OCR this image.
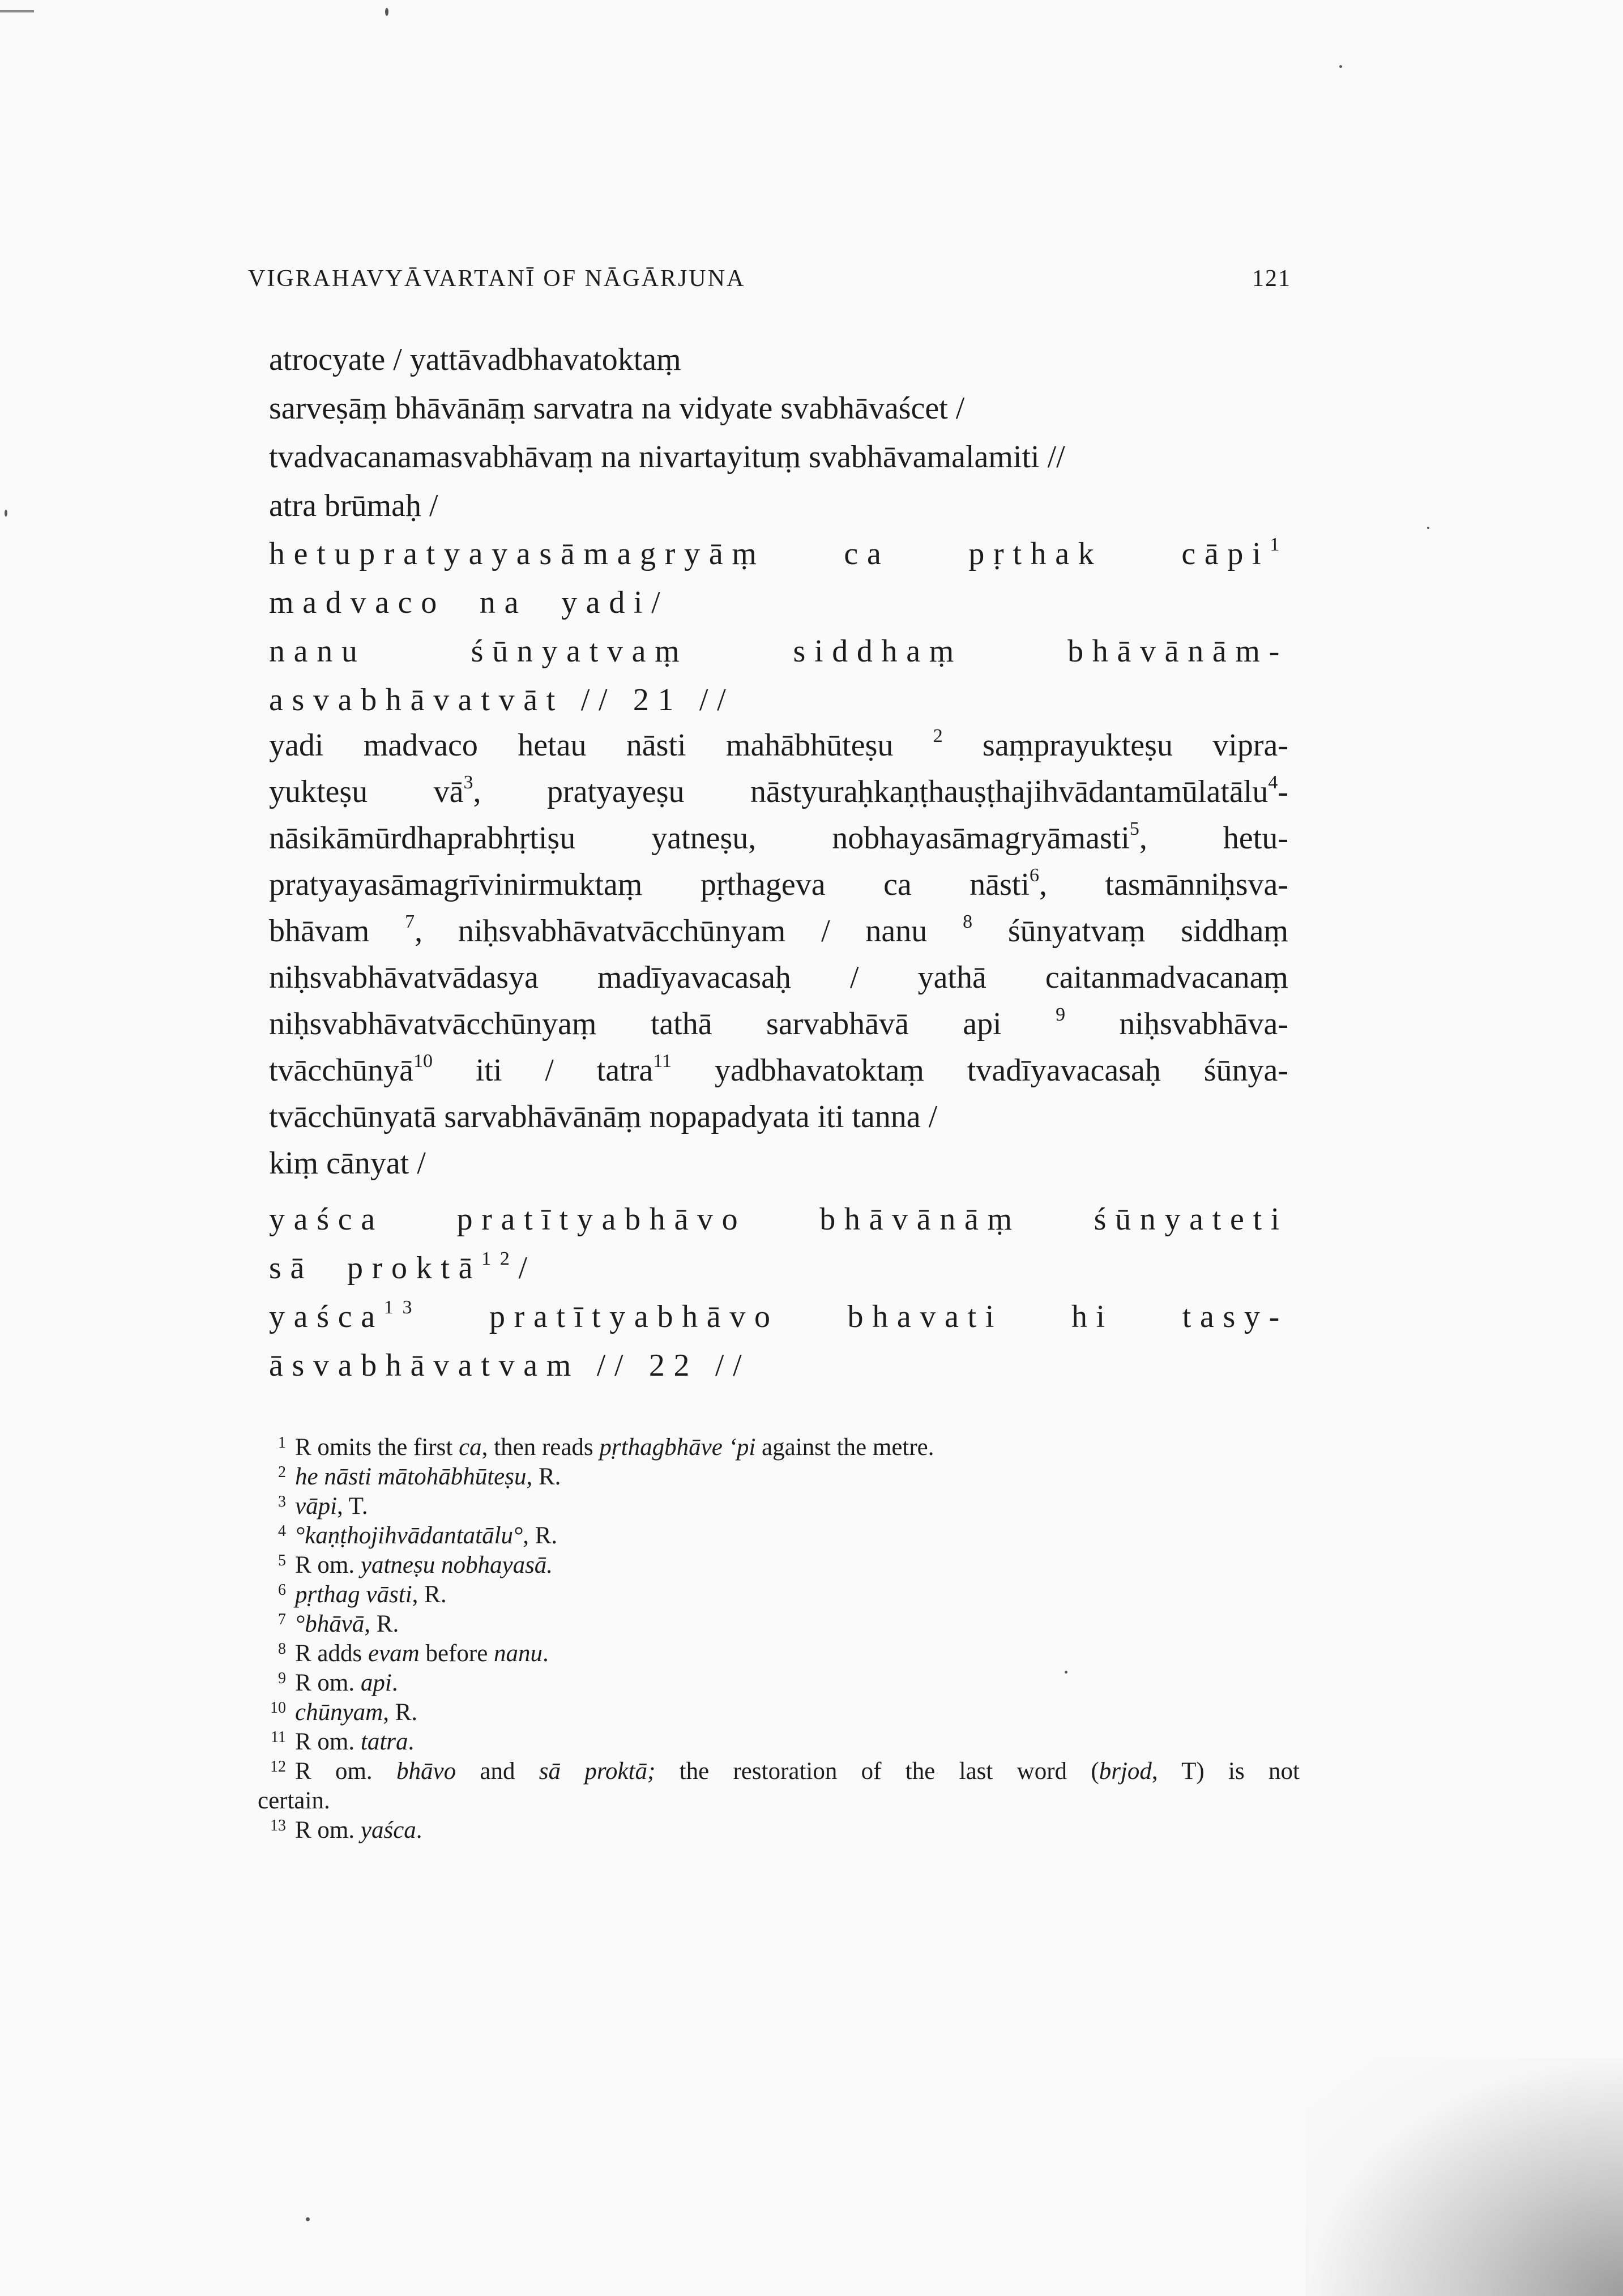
VIGRAHAVYĀVARTANĪ OF NĀGĀRJUNA	121
atrocyate / yattāvadbhavatoktaṃ
sarveṣāṃ bhāvānāṃ sarvatra na vidyate svabhāvaścet /
tvadvacanamasvabhāvaṃ na nivartayituṃ svabhāvamalamiti //
atra brūmaḥ /
hetupratyayasāmagryāṃ ca pṛthak cāpi$^1$
madvaco na yadi/
nanu	śūnyatvaṃ	siddhaṃ	bhāvānām-
asvabhāvatvāt // 21 //
yadi madvaco hetau nāsti mahābhūteṣu $^2$ saṃprayukteṣu vipra-
yukteṣu $vā^3$, pratyayeṣu nāstyuraḥkaṇṭhauṣṭhajihvādantamūlatālu$^4$-
nāsikāmūrdhaprabhṛtiṣu yatneṣu, nobhayasāmagryāmasti$^5$, hetu-
pratyayasāmagrīvinirmuktaṃ pṛthageva ca nāsti$^6$, tasmānniḥsva-
bhāvam $^7$, niḥsvabhāvatvācchūnyam / nanu $^8$ śūnyatvaṃ siddhaṃ
niḥsvabhāvatvādasya madīyavacasaḥ / yathā caitanmadvacanaṃ
niḥsvabhāvatvācchūnyaṃ tathā sarvabhāvā api	$^9$ niḥsvabhāva-
tvācchūnyā$^{10}$ iti / tatra$^{11}$ yadbhavatoktaṃ tvadīyavacasaḥ śūnya-
tvācchūnyatā sarvabhāvānāṃ nopapadyata iti tanna /
kiṃ cānyat /
yaśca pratītyabhāvo bhāvānāṃ śūnyateti
sā proktā$^{12}$/
yaśca$^{13}$ pratītyabhāvo bhavati hi tasy-
āsvabhāvatvam // 22 //
1 R omits the first ca, then reads pṛthagbhāve ‘pi against the metre.
2 he nāsti mātohābhūteṣu, R.
3 vāpi, T.
4 °kaṇṭhojihvādantatālu°, R.
5 R om. yatneṣu nobhayasā.
6 pṛthag vāsti, R.
7 °bhāvā, R.
8 R adds evam before nanu.
9 R om. api.
10 chūnyam, R.
11 R om. tatra.
12 R om. bhāvo and sā proktā; the restoration of the last word (brjod, T) is not
certain.
13 R om. yaśca.
